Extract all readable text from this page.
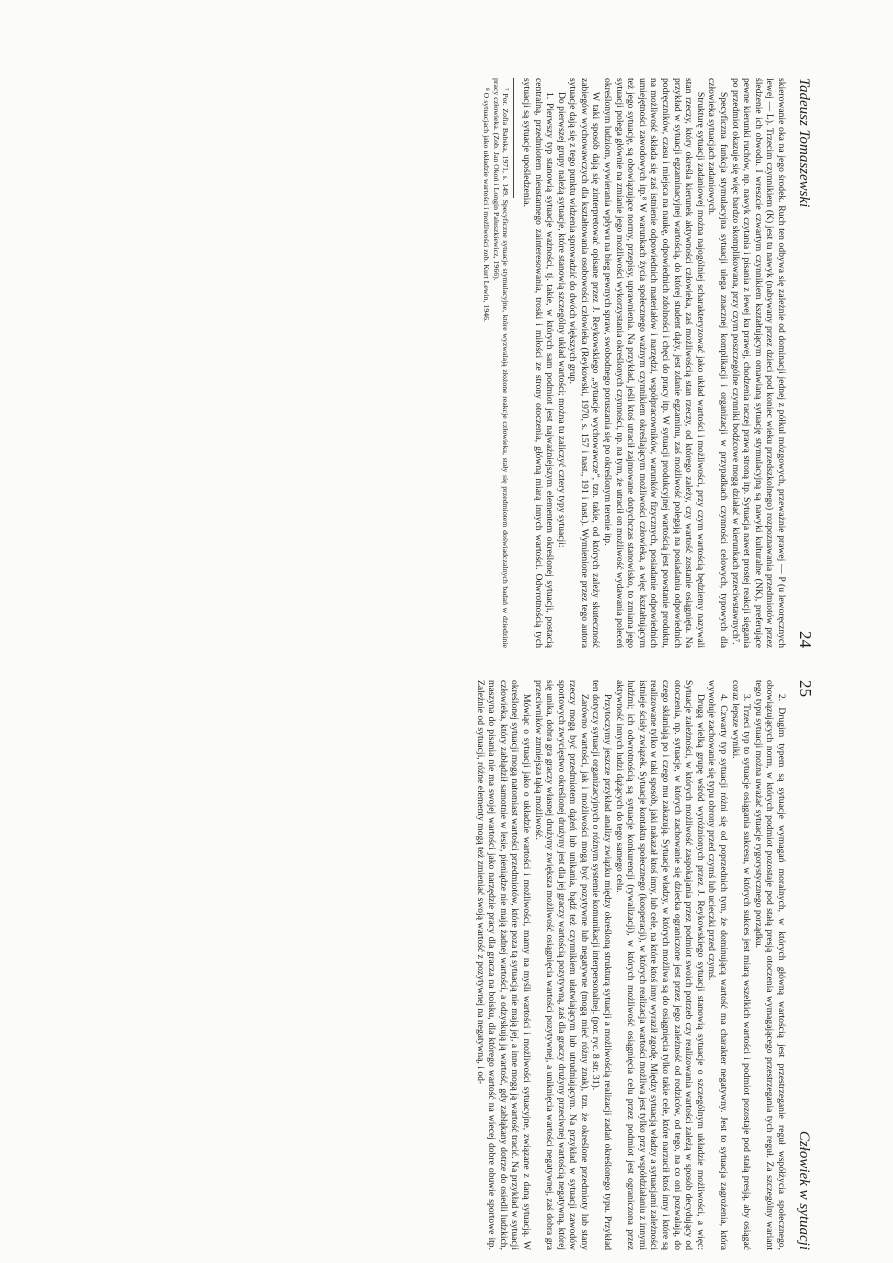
Tadeusz Tomaszewski
24

skierowanie oka na jego środek. Ruch ten odbywa się zależnie od dominacji jednej z półkul mózgowych, przeważnie prawej — P (u leworęcznych lewej — L). Trzecim czynnikiem (K) jest tu nawyk (nabywany przez dzieci pod koniec wieku przedszkolnego) rozpoznawania przedmiotów przez śledzenie ich obwodu. I wreszcie czwartym czynnikiem kształtującym omawianą sytuację stymulacyjną są nawyki kulturalne (NK), preferujące pewne kierunki ruchów, np. nawyk czytania i pisania z lewej ku prawej, chodzenia raczej prawą stroną itp. Sytuacja nawet prostej reakcji sięgania po przedmiot okazuje się więc bardzo skomplikowana, przy czym poszczególne czynniki bodźcowe mogą działać w kierunkach przeciwstawnych⁷.

Specyficzna funkcja stymulacyjna sytuacji ulega znacznej komplikacji i organizacji w przypadkach czynności celowych, typowych dla człowieka sytuacjach zadaniowych.

Strukturę sytuacji zadaniowej można najogólniej scharakteryzować jako układ wartości i możliwości, przy czym wartością będziemy nazywali stan rzeczy, który określa kierunek aktywności człowieka, zaś możliwością stan rzeczy, od którego zależy, czy wartość zostanie osiągnięta. Na przykład w sytuacji egzaminacyjnej wartością, do której student dąży, jest zdanie egzaminu, zaś możliwość polegają na posiadaniu odpowiednich podręczników, czasu i miejsca na naukę, odpowiednich zdolności i chęci do pracy itp. W sytuacji produkcyjnej wartością jest powstanie produktu, na możliwość składa się zaś istnienie odpowiednich materiałów i narzędzi, współpracowników, warunków fizycznych, posiadanie odpowiednich umiejętności zawodowych itp.⁸ W warunkach życia społecznego ważnym czynnikiem określającym możliwości człowieka, a więc kształtującym też jego sytuację, są obowiązujące normy, przepisy, uprawnienia. Na przykład, jeśli ktoś utracił zajmowane dotychczas stanowisko, to zmiana jego sytuacji polega głównie na zmianie jego możliwości wykorzystania określonych czynności, np. na tym, że utracił on możliwość wydawania poleceń określonym ludziom, wywierania wpływu na bieg pewnych spraw, swobodnego poruszania się po określonym terenie itp.

W taki sposób dają się zinterpretować opisane przez J. Reykowskiego „sytuacje wychowawcze”, tzn. takie, od których zależy skuteczność zabiegów wychowawczych dla kształtowania osobowości człowieka (Reykowski, 1970, s. 157 i nast., 191 i nast.). Wymienione przez tego autora sytuacje dają się z tego punktu widzenia sprowadzić do dwóch większych grup.

Do pierwszej grupy należą sytuacje, które stanowią szczególny układ wartości; można tu zaliczyć cztery typy sytuacji:

1. Pierwszy typ stanowią sytuacje ważności, tj. takie, w których sam podmiot jest najważniejszym elementem określonej sytuacji, postacią centralną, przedmiotem nieustannego zainteresowania, troski i miłości ze strony otoczenia, główną miarą innych wartości. Odwrotnością tych sytuacji są sytuacje upośledzenia.

⁷ Por. Zofia Babska, 1971, s. 149. Specyficzne sytuacje stymulacyjne, które wyzwalają złożone reakcje człowieka, stały się przedmiotem doświadczalnych badań w dziedzinie pracy człowieka. (Zob. Jan Okoń i Longin Paluszkiewicz, 1966).

⁸ O sytuacjach jako układzie wartości i możliwości zob. Kurt Lewin, 1946.

25
Człowiek w sytuacji

2. Drugim typem są sytuacje wymagań moralnych, w których główną wartością jest przestrzeganie reguł współżycia społecznego, obowiązujących norm, w których podmiot pozostaje pod stałą presją otoczenia wymagającego przestrzegania tych reguł. Za szczególny wariant tego typu sytuacji można uważać sytuacje rygorystycznego porządku.

3. Trzeci typ to sytuacje osiągania sukcesu, w których sukces jest miarą wszelkich wartości i podmiot pozostaje pod stałą presją, aby osiągać coraz lepsze wyniki.

4. Czwarty typ sytuacji różni się od poprzednich tym, że dominującą wartość ma charakter negatywny. Jest to sytuacja zagrożenia, która wywołuje zachowanie się typu obrony przed czymś lub ucieczki przed czymś.

Drugą wielką grupę wśród wyróżnionych przez J. Reykowskiego sytuacji stanowią sytuacje o szczególnym układzie możliwości, a więc: Sytuacje zależności, w których możliwość zaspokajania przez podmiot swoich potrzeb czy realizowania wartości zależą w sposób decydujący od otoczenia, np. sytuacje, w których zachowanie się dziecka ograniczone jest przez jego zależność od rodziców, od tego, na co oni pozwalają, do czego skłaniają po i czego mu zakazują. Sytuacje władzy, w których możliwa są do osiągnięcia tylko takie cele, które narzucił ktoś inny i które są realizowane tylko w taki sposób, jaki nakazał ktoś inny, lub cele, na które ktoś inny wyraził zgodę. Między sytuacją władzy a sytuacjami zależności istnieje ścisły związek. Sytuacje kontaktu społecznego (kooperacji), w których realizacja wartości możliwa jest tylko przy współdziałaniu z innymi ludźmi; ich odwrotnością są sytuacje konkurencji (rywalizacji), w których możliwość osiągnięcia celu przez podmiot jest ograniczona przez aktywność innych ludzi dążących do tego samego celu.

Przytoczymy jeszcze przykład analizy związku między określoną strukturą sytuacji a możliwością realizacji zadań określonego typu. Przykład ten dotyczy sytuacji organizacyjnych o różnym systemie komunikacji interpersonalnej. (por. ryc. 8 str. 31).

Zarówno wartości, jak i możliwości mogą być pozytywne lub negatywne (mogą mieć różny znak), tzn. że określone przedmioty lub stany rzeczy mogą być przedmiotem dążeń lub unikania, bądź też czynnikiem ułatwiającym lub utrudniającym. Na przykład w sytuacji zawodów sportowych zwycięstwo określonej drużyny jest dla jej graczy wartością pozytywną, zaś dla graczy drużyny przeciwnej wartością negatywną, której się unika, dobra gra graczy własnej drużyny zwiększa możliwość osiągnięcia wartości pozytywnej, a uniknięcia wartości negatywnej, zaś dobra gra przeciwników zmniejsza tąką możliwość.

Mówiąc o sytuacji jako o układzie wartości i możliwości, mamy na myśli wartości i możliwości sytuacyjne, związane z daną sytuacją. W określonej sytuacji mogą natomiast wartości przedmiotów, które poza tą sytuacją nie mają jej, a inne mogą ją wartość tracić. Na przykład w sytuacji człowieka, który zabłądził samotnie w lesie, pieniądze nie mają żadnej wartości, a odzyskują ją wartość, gdy zabłąkany dotrze do osiedli ludzkich, maszyna do pisania nie ma swojej wartości jako narzędzie pracy dla gracza na boisku, dla którego wartość na wiecej dobre obuwie sportowe itp. Zależnie od sytuacji, różne elementy mogą też zmieniać swoją wartość z pozytywnej na negatywną, i od-
